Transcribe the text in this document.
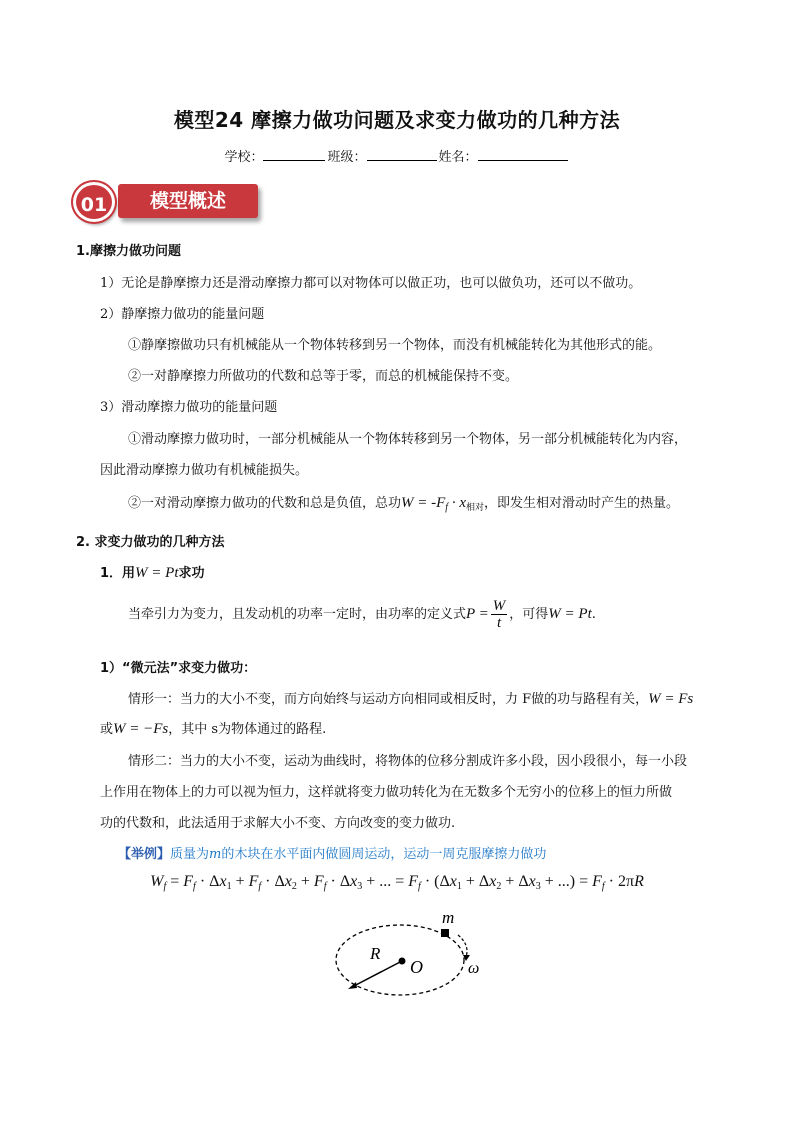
模型24 摩擦力做功问题及求变力做功的几种方法
学校：	班级：	姓名：
01	模型概述
1.摩擦力做功问题
1）无论是静摩擦力还是滑动摩擦力都可以对物体可以做正功，也可以做负功，还可以不做功。
2）静摩擦力做功的能量问题
①静摩擦做功只有机械能从一个物体转移到另一个物体，而没有机械能转化为其他形式的能。
②一对静摩擦力所做功的代数和总等于零，而总的机械能保持不变。
3）滑动摩擦力做功的能量问题
①滑动摩擦力做功时，一部分机械能从一个物体转移到另一个物体，另一部分机械能转化为内容，
因此滑动摩擦力做功有机械能损失。
②一对滑动摩擦力做功的代数和总是负值，总功$W = -F_f \cdot x_{相对}$，即发生相对滑动时产生的热量。
2. 求变力做功的几种方法
1．用W = Pt求功
当牵引力为变力，且发动机的功率一定时，由功率的定义式$P = \frac{W}{t}$ ，可得W = Pt.
1）“微元法”求变力做功：
情形一：当力的大小不变，而方向始终与运动方向相同或相反时，力 F做的功与路程有关，W = Fs
或W = −Fs，其中 s为物体通过的路程.
情形二：当力的大小不变，运动为曲线时，将物体的位移分割成许多小段，因小段很小，每一小段
上作用在物体上的力可以视为恒力，这样就将变力做功转化为在无数多个无穷小的位移上的恒力所做
功的代数和，此法适用于求解大小不变、方向改变的变力做功.
【举例】质量为m的木块在水平面内做圆周运动，运动一周克服摩擦力做功
$W_f = F_f \cdot \Delta x_1 + F_f \cdot \Delta x_2 + F_f \cdot \Delta x_3$ + ... = $F_f \cdot (\Delta x_1 + \Delta x_2 + \Delta x_3$ + ...) = $F_f \cdot 2\pi R$
m
R
O	ω
